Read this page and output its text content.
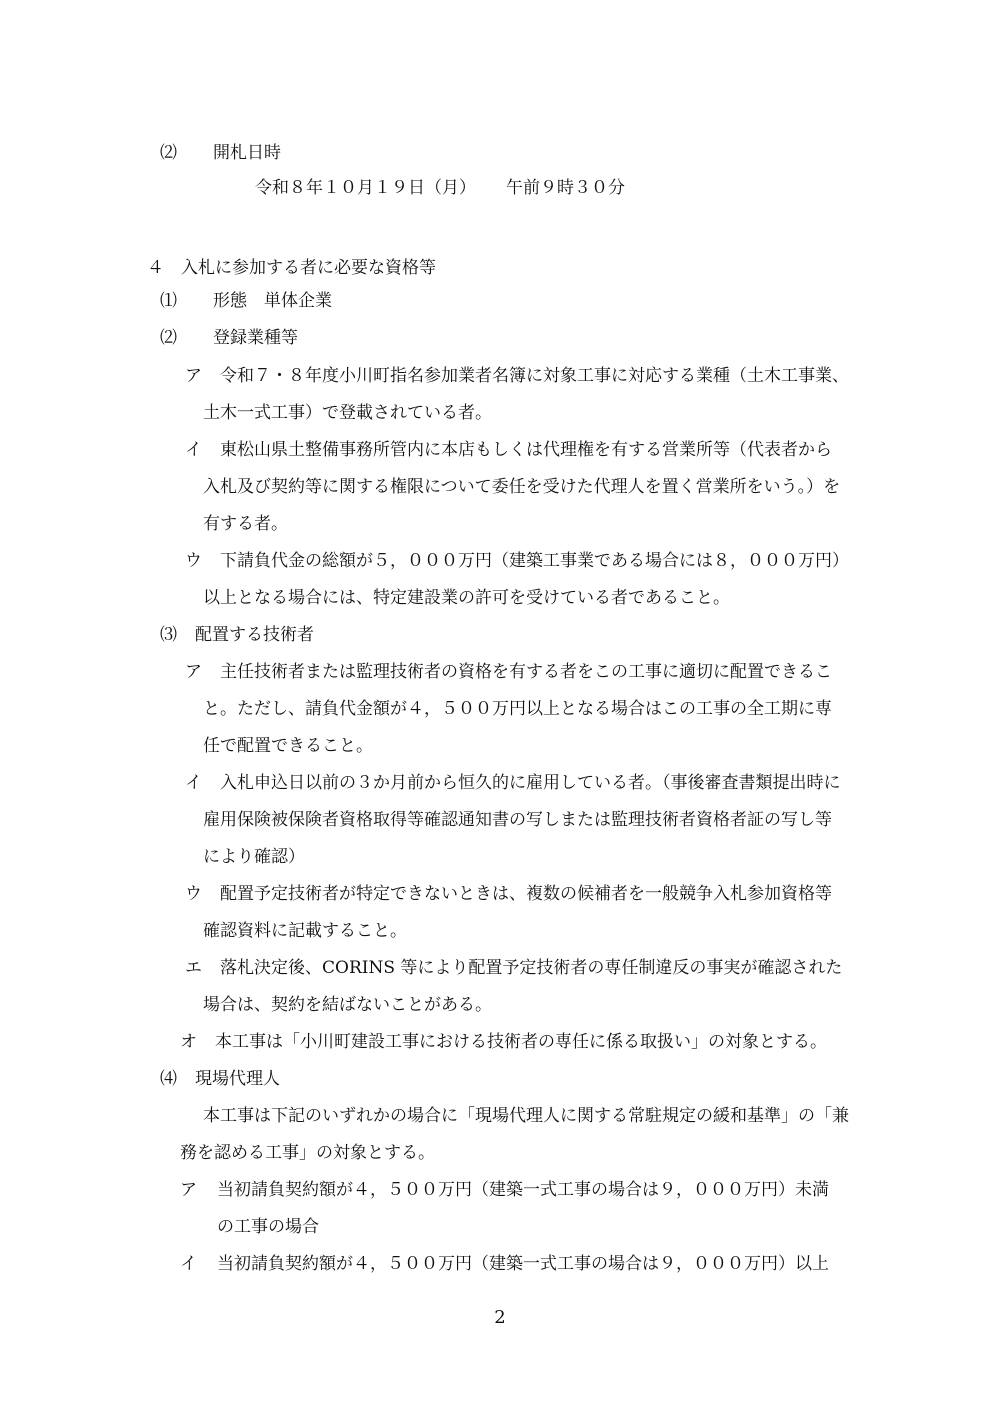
⑵ 開札日時
令和８年１０月１９日（月） 午前９時３０分
４　入札に参加する者に必要な資格等
⑴ 形態 単体企業
⑵ 登録業種等
ア 令和７・８年度小川町指名参加業者名簿に対象工事に対応する業種（土木工事業、
土木一式工事）で登載されている者。
イ 東松山県土整備事務所管内に本店もしくは代理権を有する営業所等（代表者から
入札及び契約等に関する権限について委任を受けた代理人を置く営業所をいう。）を
有する者。
ウ 下請負代金の総額が５，０００万円（建築工事業である場合には８，０００万円）
以上となる場合には、特定建設業の許可を受けている者であること。
⑶ 配置する技術者
ア 主任技術者または監理技術者の資格を有する者をこの工事に適切に配置できるこ
と。ただし、請負代金額が４，５００万円以上となる場合はこの工事の全工期に専
任で配置できること。
イ 入札申込日以前の３か月前から恒久的に雇用している者。（事後審査書類提出時に
雇用保険被保険者資格取得等確認通知書の写しまたは監理技術者資格者証の写し等
により確認）
ウ 配置予定技術者が特定できないときは、複数の候補者を一般競争入札参加資格等
確認資料に記載すること。
エ 落札決定後、CORINS 等により配置予定技術者の専任制違反の事実が確認された
場合は、契約を結ばないことがある。
オ 本工事は「小川町建設工事における技術者の専任に係る取扱い」の対象とする。
⑷ 現場代理人
本工事は下記のいずれかの場合に「現場代理人に関する常駐規定の緩和基準」の「兼
務を認める工事」の対象とする。
ア 当初請負契約額が４，５００万円（建築一式工事の場合は９，０００万円）未満
の工事の場合
イ 当初請負契約額が４，５００万円（建築一式工事の場合は９，０００万円）以上
2
